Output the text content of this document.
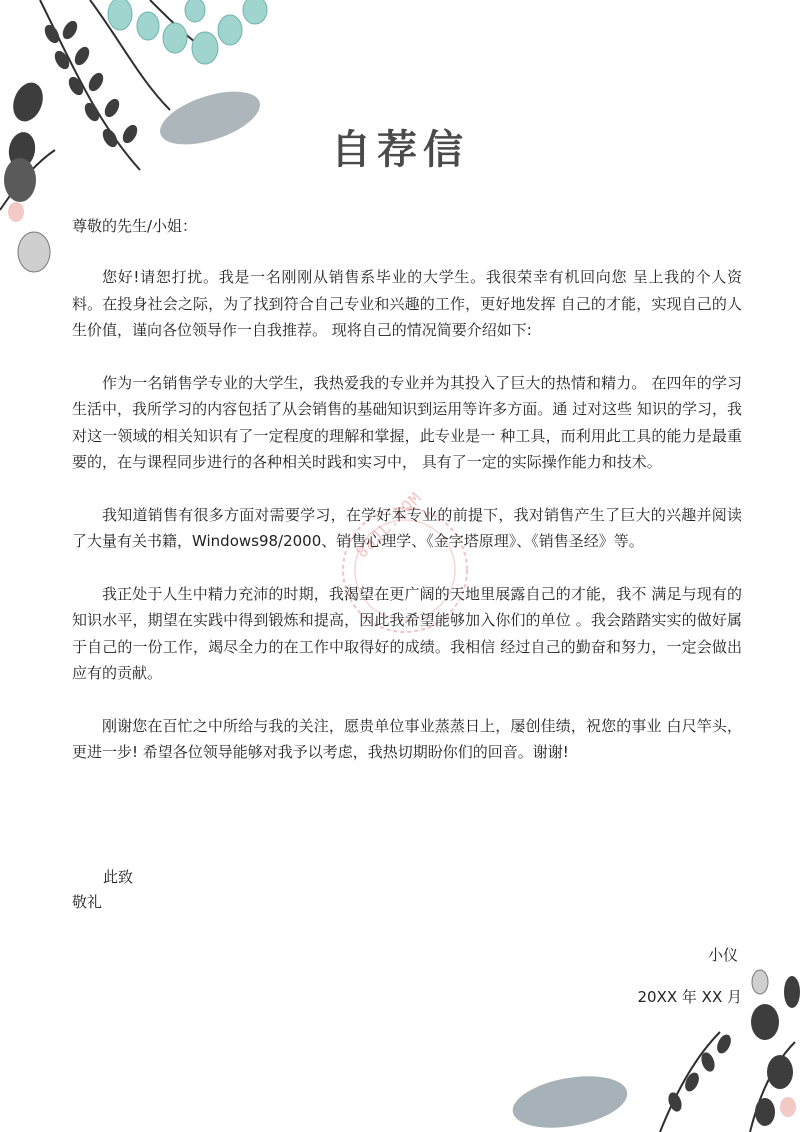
88JL.COM
自荐信
尊敬的先生/小姐：

您好!请恕打扰。我是一名刚刚从销售系毕业的大学生。我很荣幸有机回向您 呈上我的个人资料。在投身社会之际，为了找到符合自己专业和兴趣的工作，更好地发挥 自己的才能，实现自己的人生价值，谨向各位领导作一自我推荐。 现将自己的情况简要介绍如下:

作为一名销售学专业的大学生，我热爱我的专业并为其投入了巨大的热情和精力。 在四年的学习生活中，我所学习的内容包括了从会销售的基础知识到运用等许多方面。通 过对这些 知识的学习，我对这一领域的相关知识有了一定程度的理解和掌握，此专业是一 种工具，而利用此工具的能力是最重要的，在与课程同步进行的各种相关时践和实习中， 具有了一定的实际操作能力和技术。

我知道销售有很多方面对需要学习，在学好本专业的前提下，我对销售产生了巨大的兴趣并阅读了大量有关书籍，Windows98/2000、销售心理学、《金字塔原理》、《销售圣经》等。

我正处于人生中精力充沛的时期，我渴望在更广阔的天地里展露自己的才能，我不 满足与现有的知识水平，期望在实践中得到锻炼和提高，因此我希望能够加入你们的单位 。我会踏踏实实的做好属于自己的一份工作，竭尽全力的在工作中取得好的成绩。我相信 经过自己的勤奋和努力，一定会做出应有的贡献。

刚谢您在百忙之中所给与我的关注，愿贵单位事业蒸蒸日上，屡创佳绩，祝您的事业 白尺竿头，更进一步! 希望各位领导能够对我予以考虑，我热切期盼你们的回音。谢谢!

此致
敬礼
小仪
20XX 年 XX 月
